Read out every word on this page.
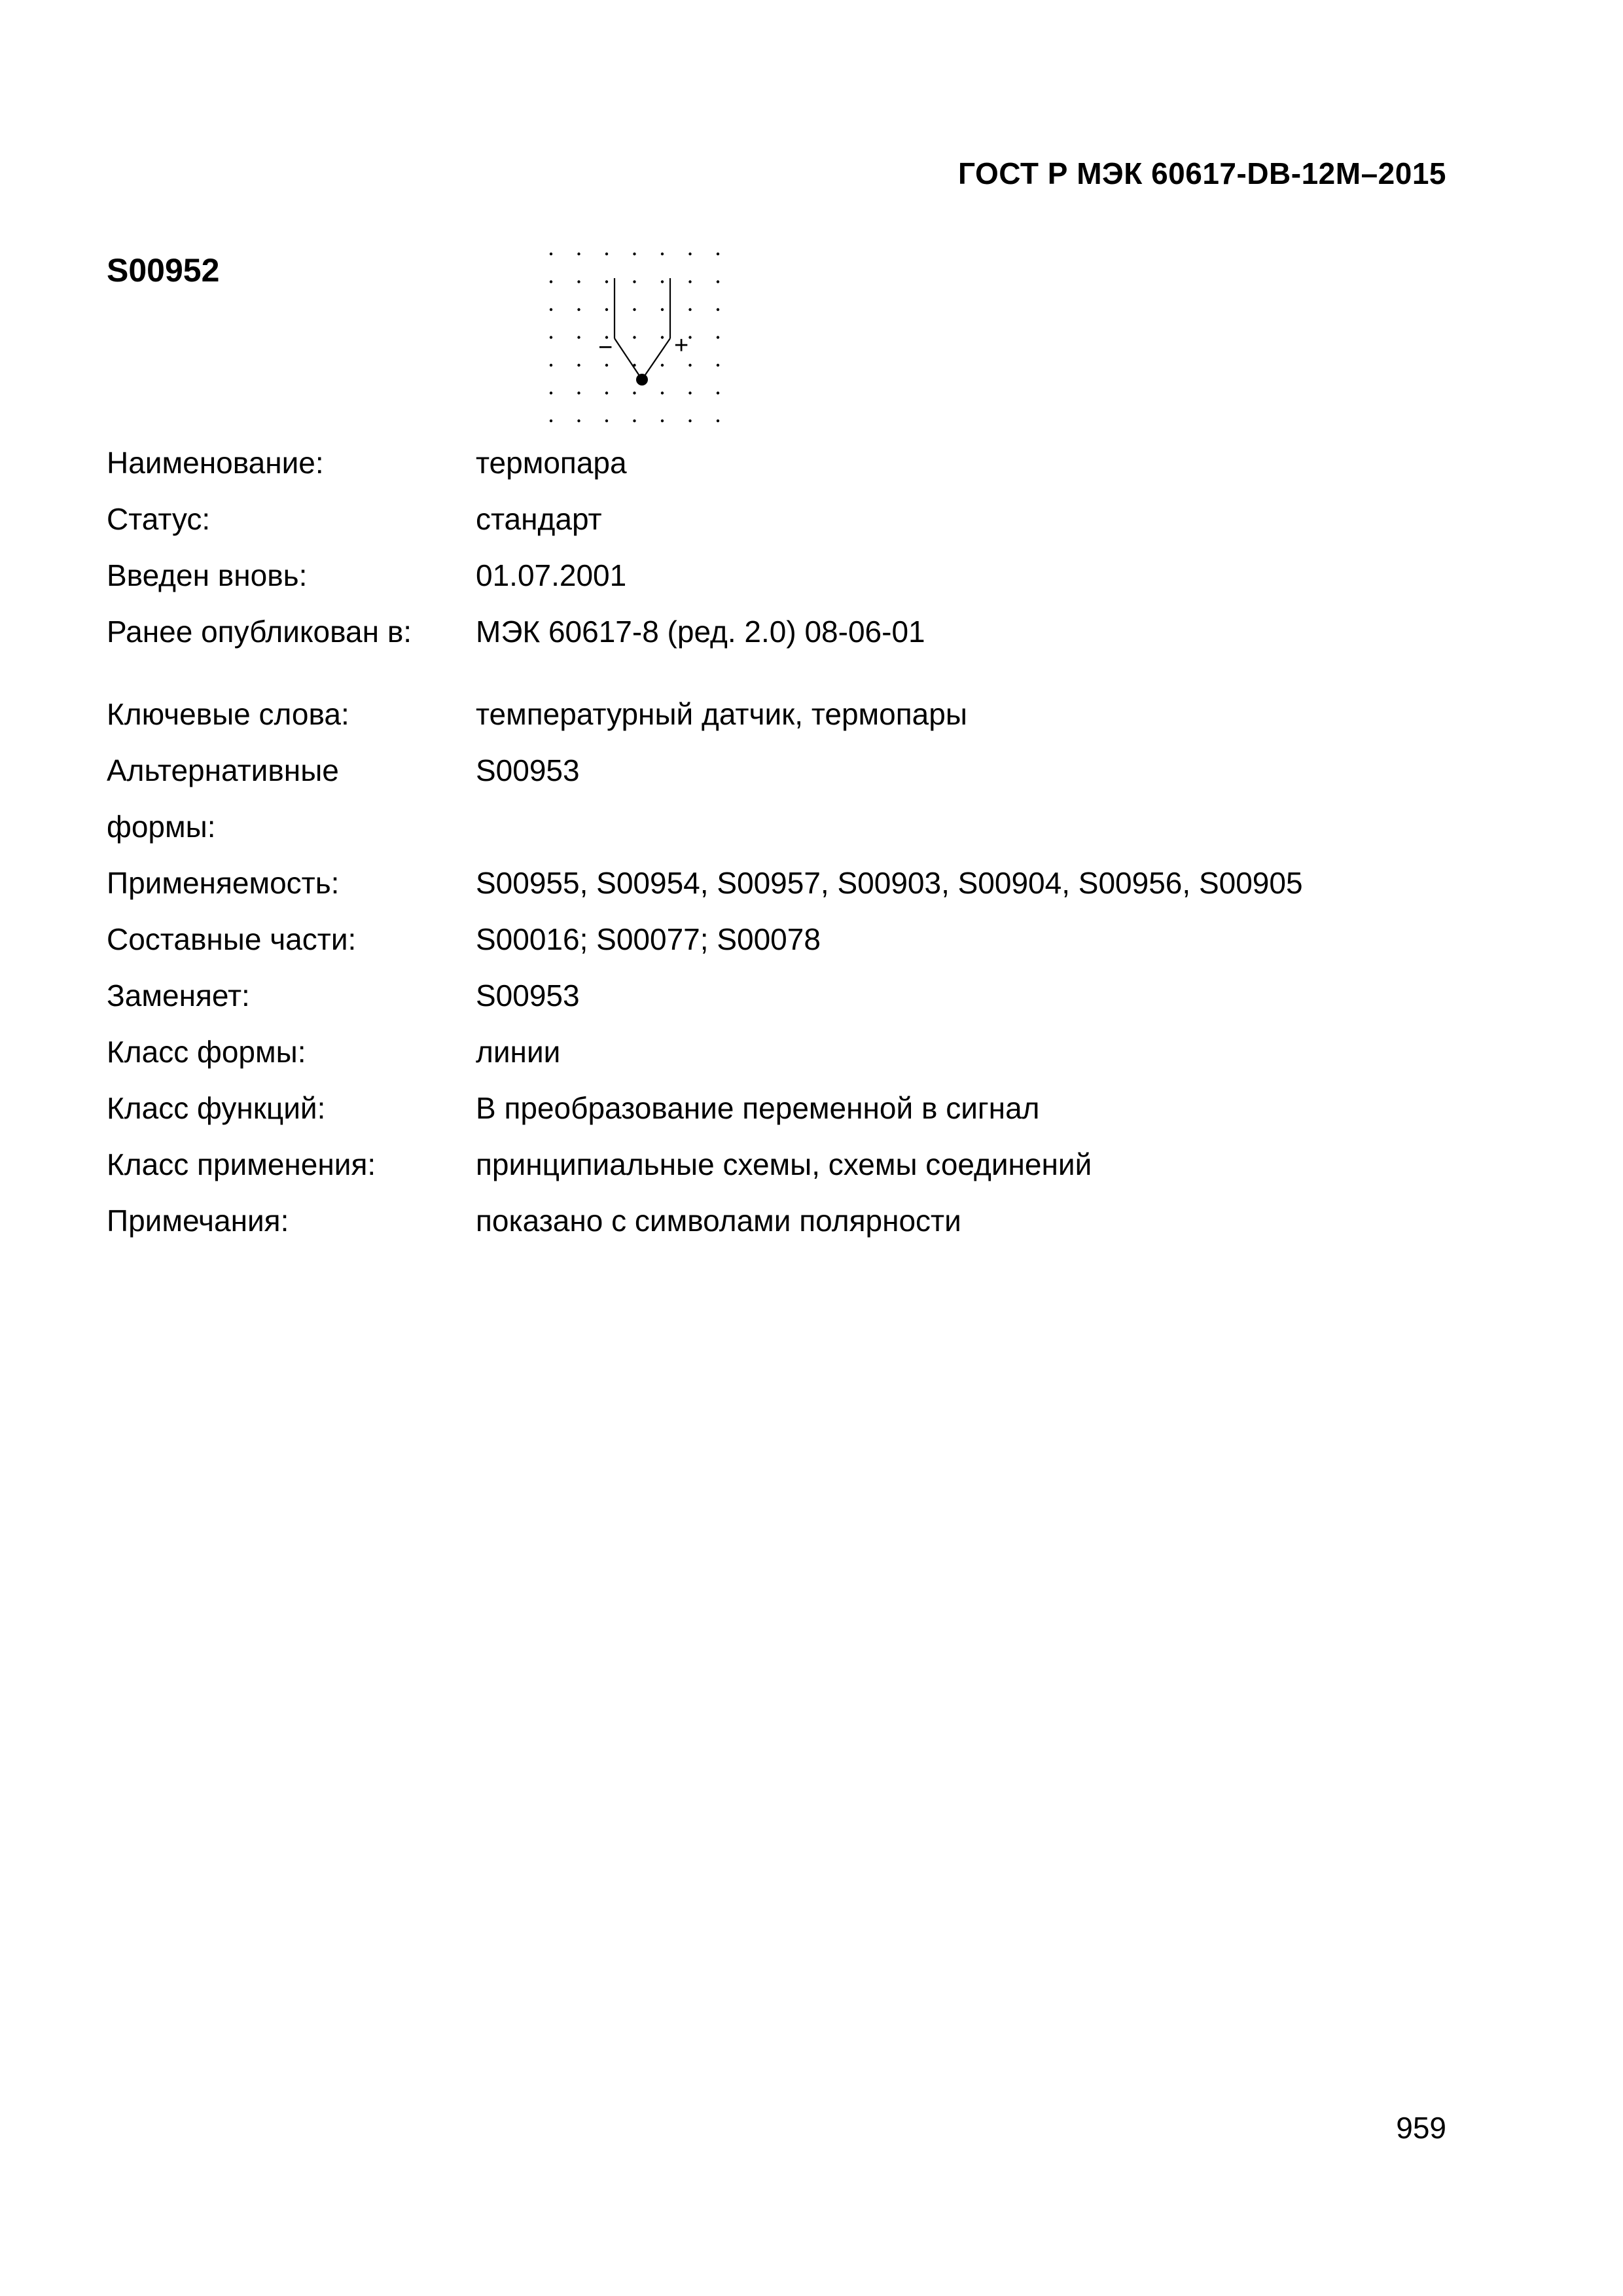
ГОСТ Р МЭК 60617-DB-12M–2015
S00952
− +
Наименование:	термопара
Статус:	стандарт
Введен вновь:	01.07.2001
Ранее опубликован в:	МЭК 60617-8 (ред. 2.0) 08-06-01
Ключевые слова:	температурный датчик, термопары
Альтернативные
формы:
S00953
Применяемость:	S00955, S00954, S00957, S00903, S00904, S00956, S00905
Составные части:	S00016; S00077; S00078
Заменяет:	S00953
Класс формы:	линии
Класс функций:	B преобразование переменной в сигнал
Класс применения:	принципиальные схемы, схемы соединений
Примечания:	показано с символами полярности
959
